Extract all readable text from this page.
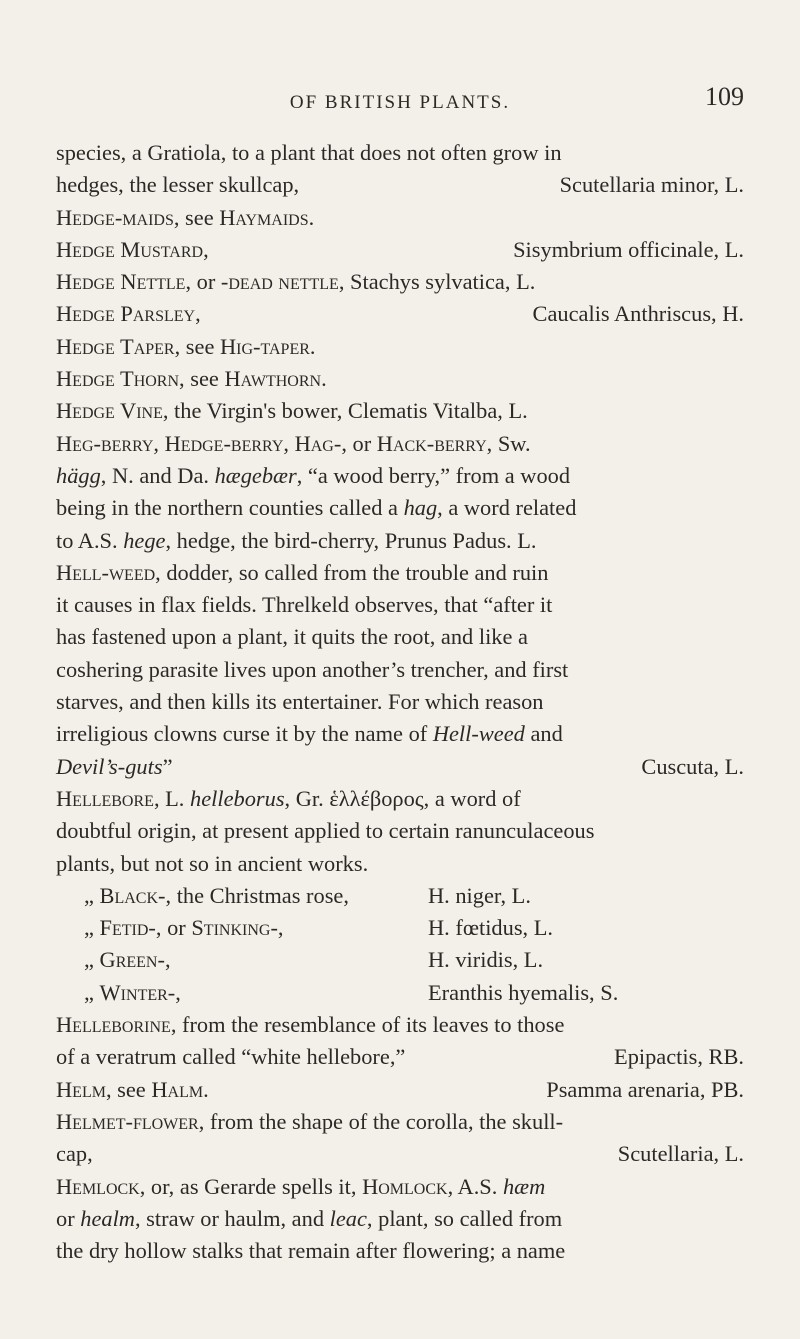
OF BRITISH PLANTS.	109
species, a Gratiola, to a plant that does not often grow in
hedges, the lesser skullcap,	Scutellaria minor, L.
Hedge-maids, see Haymaids.
Hedge Mustard,	Sisymbrium officinale, L.
Hedge Nettle, or -dead nettle, Stachys sylvatica, L.
Hedge Parsley,	Caucalis Anthriscus, H.
Hedge Taper, see Hig-taper.
Hedge Thorn, see Hawthorn.
Hedge Vine, the Virgin's bower, Clematis Vitalba, L.
Heg-berry, Hedge-berry, Hag-, or Hack-berry, Sw.
hägg, N. and Da. hægebær, “a wood berry,” from a wood
being in the northern counties called a hag, a word related
to A.S. hege, hedge, the bird-cherry, Prunus Padus. L.
Hell-weed, dodder, so called from the trouble and ruin
it causes in flax fields. Threlkeld observes, that “after it
has fastened upon a plant, it quits the root, and like a
coshering parasite lives upon another’s trencher, and first
starves, and then kills its entertainer. For which reason
irreligious clowns curse it by the name of Hell-weed and
Devil’s-guts”	Cuscuta, L.
Hellebore, L. helleborus, Gr. ἑλλέβορος, a word of
doubtful origin, at present applied to certain ranunculaceous
plants, but not so in ancient works.
„ Black-, the Christmas rose,	H. niger, L.
„ Fetid-, or Stinking-,	H. fœtidus, L.
„ Green-,	H. viridis, L.
„ Winter-,	Eranthis hyemalis, S.
Helleborine, from the resemblance of its leaves to those
of a veratrum called “white hellebore,”	Epipactis, RB.
Helm, see Halm.	Psamma arenaria, PB.
Helmet-flower, from the shape of the corolla, the skull-
cap,	Scutellaria, L.
Hemlock, or, as Gerarde spells it, Homlock, A.S. hæm
or healm, straw or haulm, and leac, plant, so called from
the dry hollow stalks that remain after flowering; a name
